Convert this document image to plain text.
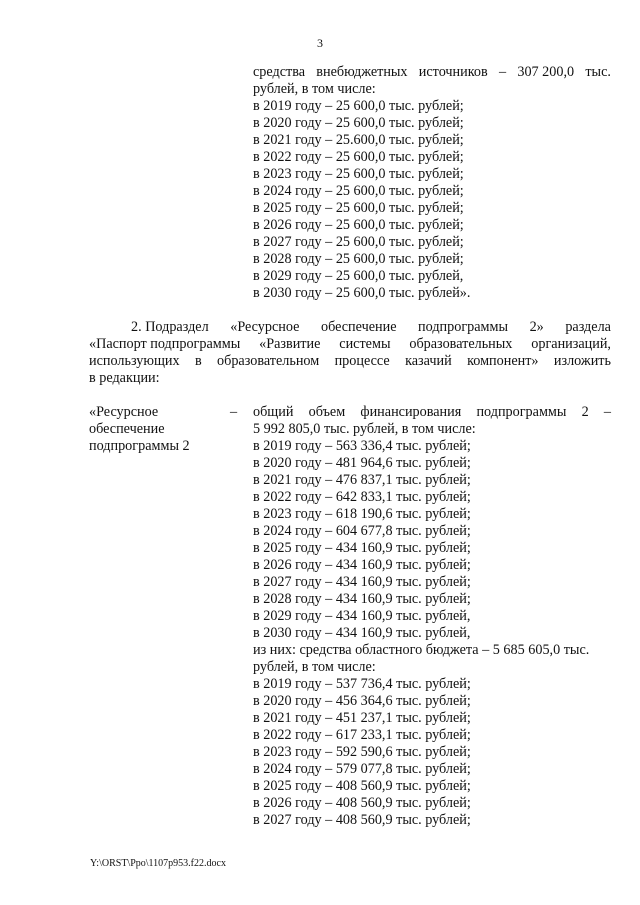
3
средства внебюджетных источников – 307 200,0 тыс.
рублей, в том числе:
в 2019 году – 25 600,0 тыс. рублей;
в 2020 году – 25 600,0 тыс. рублей;
в 2021 году – 25.600,0 тыс. рублей;
в 2022 году – 25 600,0 тыс. рублей;
в 2023 году – 25 600,0 тыс. рублей;
в 2024 году – 25 600,0 тыс. рублей;
в 2025 году – 25 600,0 тыс. рублей;
в 2026 году – 25 600,0 тыс. рублей;
в 2027 году – 25 600,0 тыс. рублей;
в 2028 году – 25 600,0 тыс. рублей;
в 2029 году – 25 600,0 тыс. рублей,
в 2030 году – 25 600,0 тыс. рублей».
2. Подраздел «Ресурсное обеспечение подпрограммы 2» раздела
«Паспорт подпрограммы «Развитие системы образовательных организаций,
использующих в образовательном процессе казачий компонент» изложить
в редакции:
«Ресурсное
обеспечение
подпрограммы 2
– общий объем финансирования подпрограммы 2 –
5 992 805,0 тыс. рублей, в том числе:
в 2019 году – 563 336,4 тыс. рублей;
в 2020 году – 481 964,6 тыс. рублей;
в 2021 году – 476 837,1 тыс. рублей;
в 2022 году – 642 833,1 тыс. рублей;
в 2023 году – 618 190,6 тыс. рублей;
в 2024 году – 604 677,8 тыс. рублей;
в 2025 году – 434 160,9 тыс. рублей;
в 2026 году – 434 160,9 тыс. рублей;
в 2027 году – 434 160,9 тыс. рублей;
в 2028 году – 434 160,9 тыс. рублей;
в 2029 году – 434 160,9 тыс. рублей,
в 2030 году – 434 160,9 тыс. рублей,
из них: средства областного бюджета – 5 685 605,0 тыс.
рублей, в том числе:
в 2019 году – 537 736,4 тыс. рублей;
в 2020 году – 456 364,6 тыс. рублей;
в 2021 году – 451 237,1 тыс. рублей;
в 2022 году – 617 233,1 тыс. рублей;
в 2023 году – 592 590,6 тыс. рублей;
в 2024 году – 579 077,8 тыс. рублей;
в 2025 году – 408 560,9 тыс. рублей;
в 2026 году – 408 560,9 тыс. рублей;
в 2027 году – 408 560,9 тыс. рублей;
Y:\ORST\Ppo\1107p953.f22.docx
